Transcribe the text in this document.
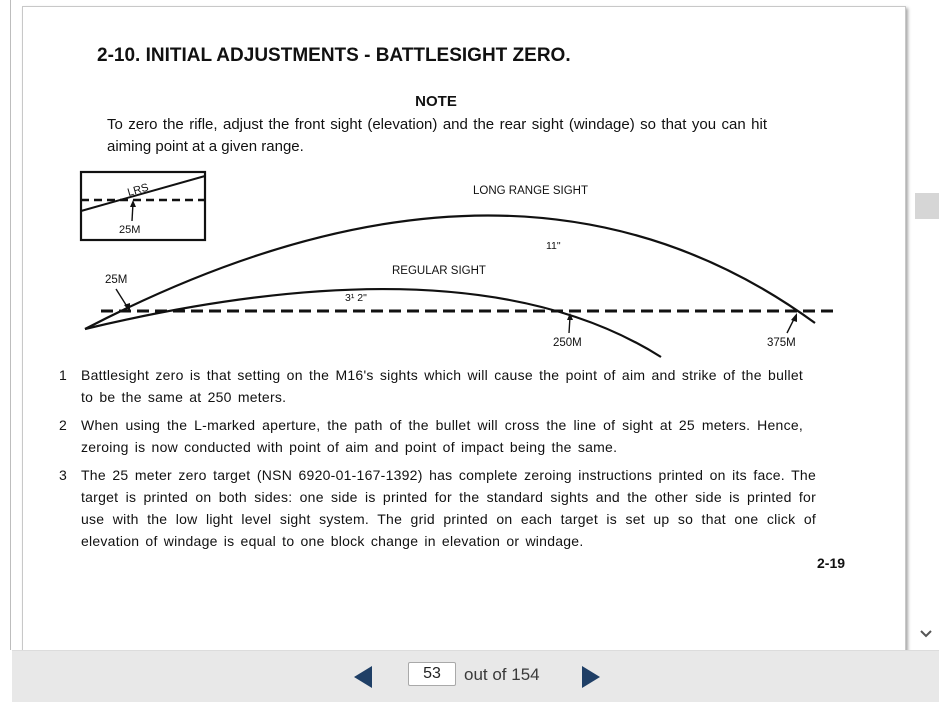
2-10. INITIAL ADJUSTMENTS - BATTLESIGHT ZERO.
NOTE
To zero the rifle, adjust the front sight (elevation) and the rear sight (windage) so that you can hit aiming point at a given range.
LRS
25M
LONG RANGE SIGHT
11"
REGULAR SIGHT
3¹ 2"
25M
250M	375M
1	Battlesight zero is that setting on the M16's sights which will cause the point of aim and strike of the bullet to be the same at 250 meters.
2	When using the L-marked aperture, the path of the bullet will cross the line of sight at 25 meters. Hence, zeroing is now conducted with point of aim and point of impact being the same.
3	The 25 meter zero target (NSN 6920-01-167-1392) has complete zeroing instructions printed on its face. The target is printed on both sides: one side is printed for the standard sights and the other side is printed for use with the low light level sight system. The grid printed on each target is set up so that one click of elevation of windage is equal to one block change in elevation or windage.
2-19
53
out of 154
